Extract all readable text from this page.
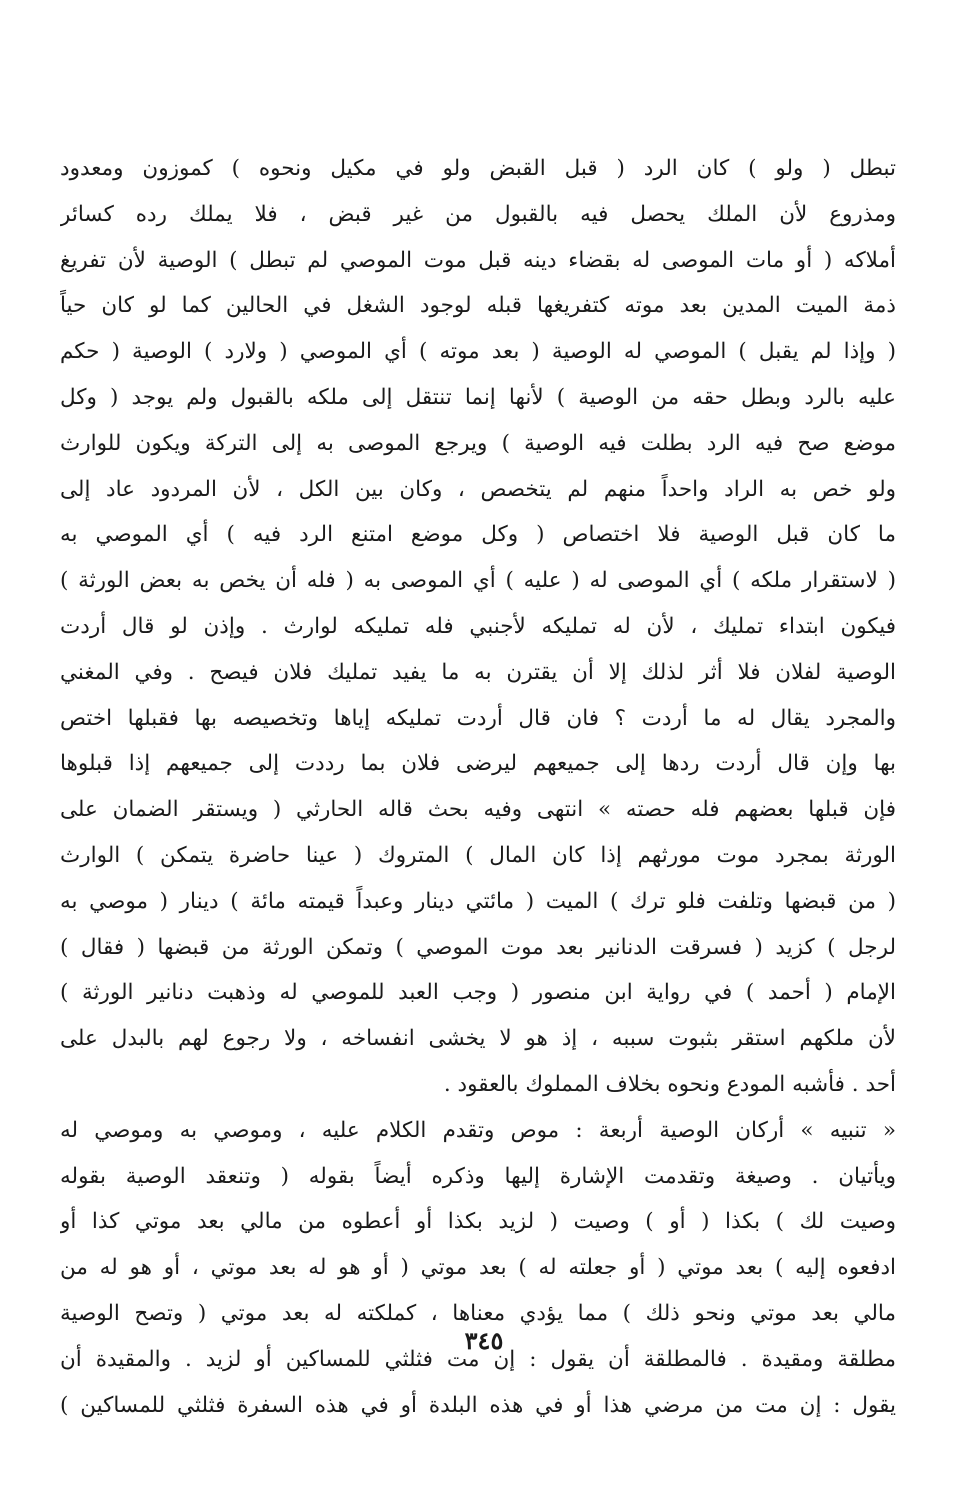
تبطل ( ولو ) كان الرد ( قبل القبض ولو في مكيل ونحوه ) كموزون ومعدود
ومذروع لأن الملك يحصل فيه بالقبول من غير قبض ، فلا يملك رده كسائر
أملاكه ( أو مات الموصى له بقضاء دينه قبل موت الموصي لم تبطل ) الوصية لأن تفريغ
ذمة الميت المدين بعد موته كتفريغها قبله لوجود الشغل في الحالين كما لو كان حياً
( وإذا لم يقبل ) الموصي له الوصية ( بعد موته ) أي الموصي ( ولارد ) الوصية ( حكم
عليه بالرد وبطل حقه من الوصية ) لأنها إنما تنتقل إلى ملكه بالقبول ولم يوجد ( وكل
موضع صح فيه الرد بطلت فيه الوصية ) ويرجع الموصى به إلى التركة ويكون للوارث
ولو خص به الراد واحداً منهم لم يتخصص ، وكان بين الكل ، لأن المردود عاد إلى
ما كان قبل الوصية فلا اختصاص ( وكل موضع امتنع الرد فيه ) أي الموصي به
( لاستقرار ملكه ) أي الموصى له ( عليه ) أي الموصى به ( فله أن يخص به بعض الورثة )
فيكون ابتداء تمليك ، لأن له تمليكه لأجنبي فله تمليكه لوارث . وإذن لو قال أردت
الوصية لفلان فلا أثر لذلك إلا أن يقترن به ما يفيد تمليك فلان فيصح . وفي المغني
والمجرد يقال له ما أردت ؟ فان قال أردت تمليكه إياها وتخصيصه بها فقبلها اختص
بها وإن قال أردت ردها إلى جميعهم ليرضى فلان بما رددت إلى جميعهم إذا قبلوها
فإن قبلها بعضهم فله حصته » انتهى وفيه بحث قاله الحارثي ( ويستقر الضمان على
الورثة بمجرد موت مورثهم إذا كان المال ) المتروك ( عينا حاضرة يتمكن ) الوارث
( من قبضها وتلفت فلو ترك ) الميت ( مائتي دينار وعبداً قيمته مائة ) دينار ( موصي به
لرجل ) كزيد ( فسرقت الدنانير بعد موت الموصي ) وتمكن الورثة من قبضها ( فقال )
الإمام ( أحمد ) في رواية ابن منصور ( وجب العبد للموصي له وذهبت دنانير الورثة )
لأن ملكهم استقر بثبوت سببه ، إذ هو لا يخشى انفساخه ، ولا رجوع لهم بالبدل على
أحد . فأشبه المودع ونحوه بخلاف المملوك بالعقود .
« تنبيه » أركان الوصية أربعة : موص وتقدم الكلام عليه ، وموصي به وموصي له
ويأتيان . وصيغة وتقدمت الإشارة إليها وذكره أيضاً بقوله ( وتنعقد الوصية بقوله
وصيت لك ) بكذا ( أو ) وصيت ( لزيد بكذا أو أعطوه من مالي بعد موتي كذا أو
ادفعوه إليه ) بعد موتي ( أو جعلته له ) بعد موتي ( أو هو له بعد موتي ، أو هو له من
مالي بعد موتي ونحو ذلك ) مما يؤدي معناها ، كملكته له بعد موتي ( وتصح الوصية
مطلقة ومقيدة . فالمطلقة أن يقول : إن مت فثلثي للمساكين أو لزيد . والمقيدة أن
يقول : إن مت من مرضي هذا أو في هذه البلدة أو في هذه السفرة فثلثي للمساكين )
٣٤٥
